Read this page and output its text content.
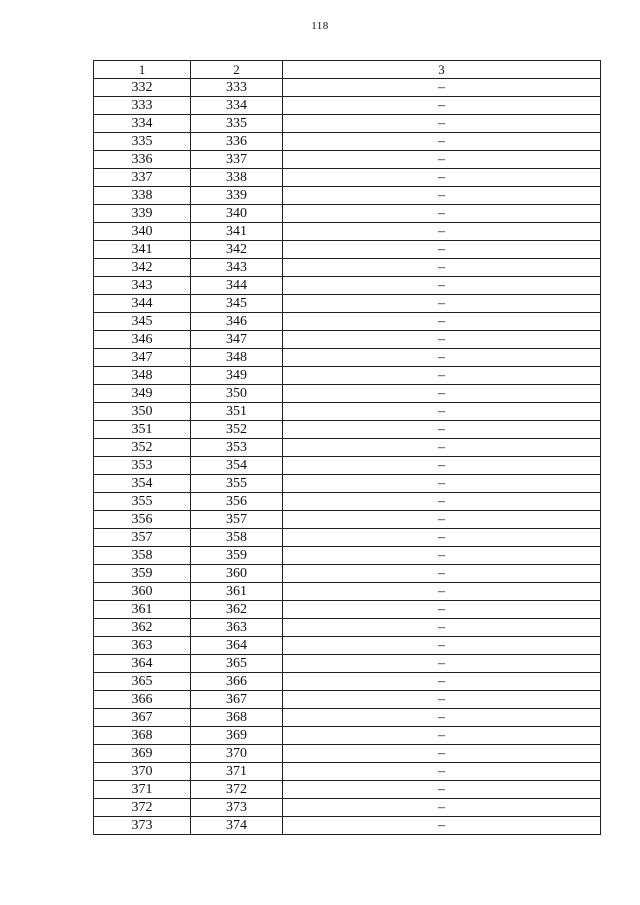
118
1	2	3
332	333	–
333	334	–
334	335	–
335	336	–
336	337	–
337	338	–
338	339	–
339	340	–
340	341	–
341	342	–
342	343	–
343	344	–
344	345	–
345	346	–
346	347	–
347	348	–
348	349	–
349	350	–
350	351	–
351	352	–
352	353	–
353	354	–
354	355	–
355	356	–
356	357	–
357	358	–
358	359	–
359	360	–
360	361	–
361	362	–
362	363	–
363	364	–
364	365	–
365	366	–
366	367	–
367	368	–
368	369	–
369	370	–
370	371	–
371	372	–
372	373	–
373	374	–
